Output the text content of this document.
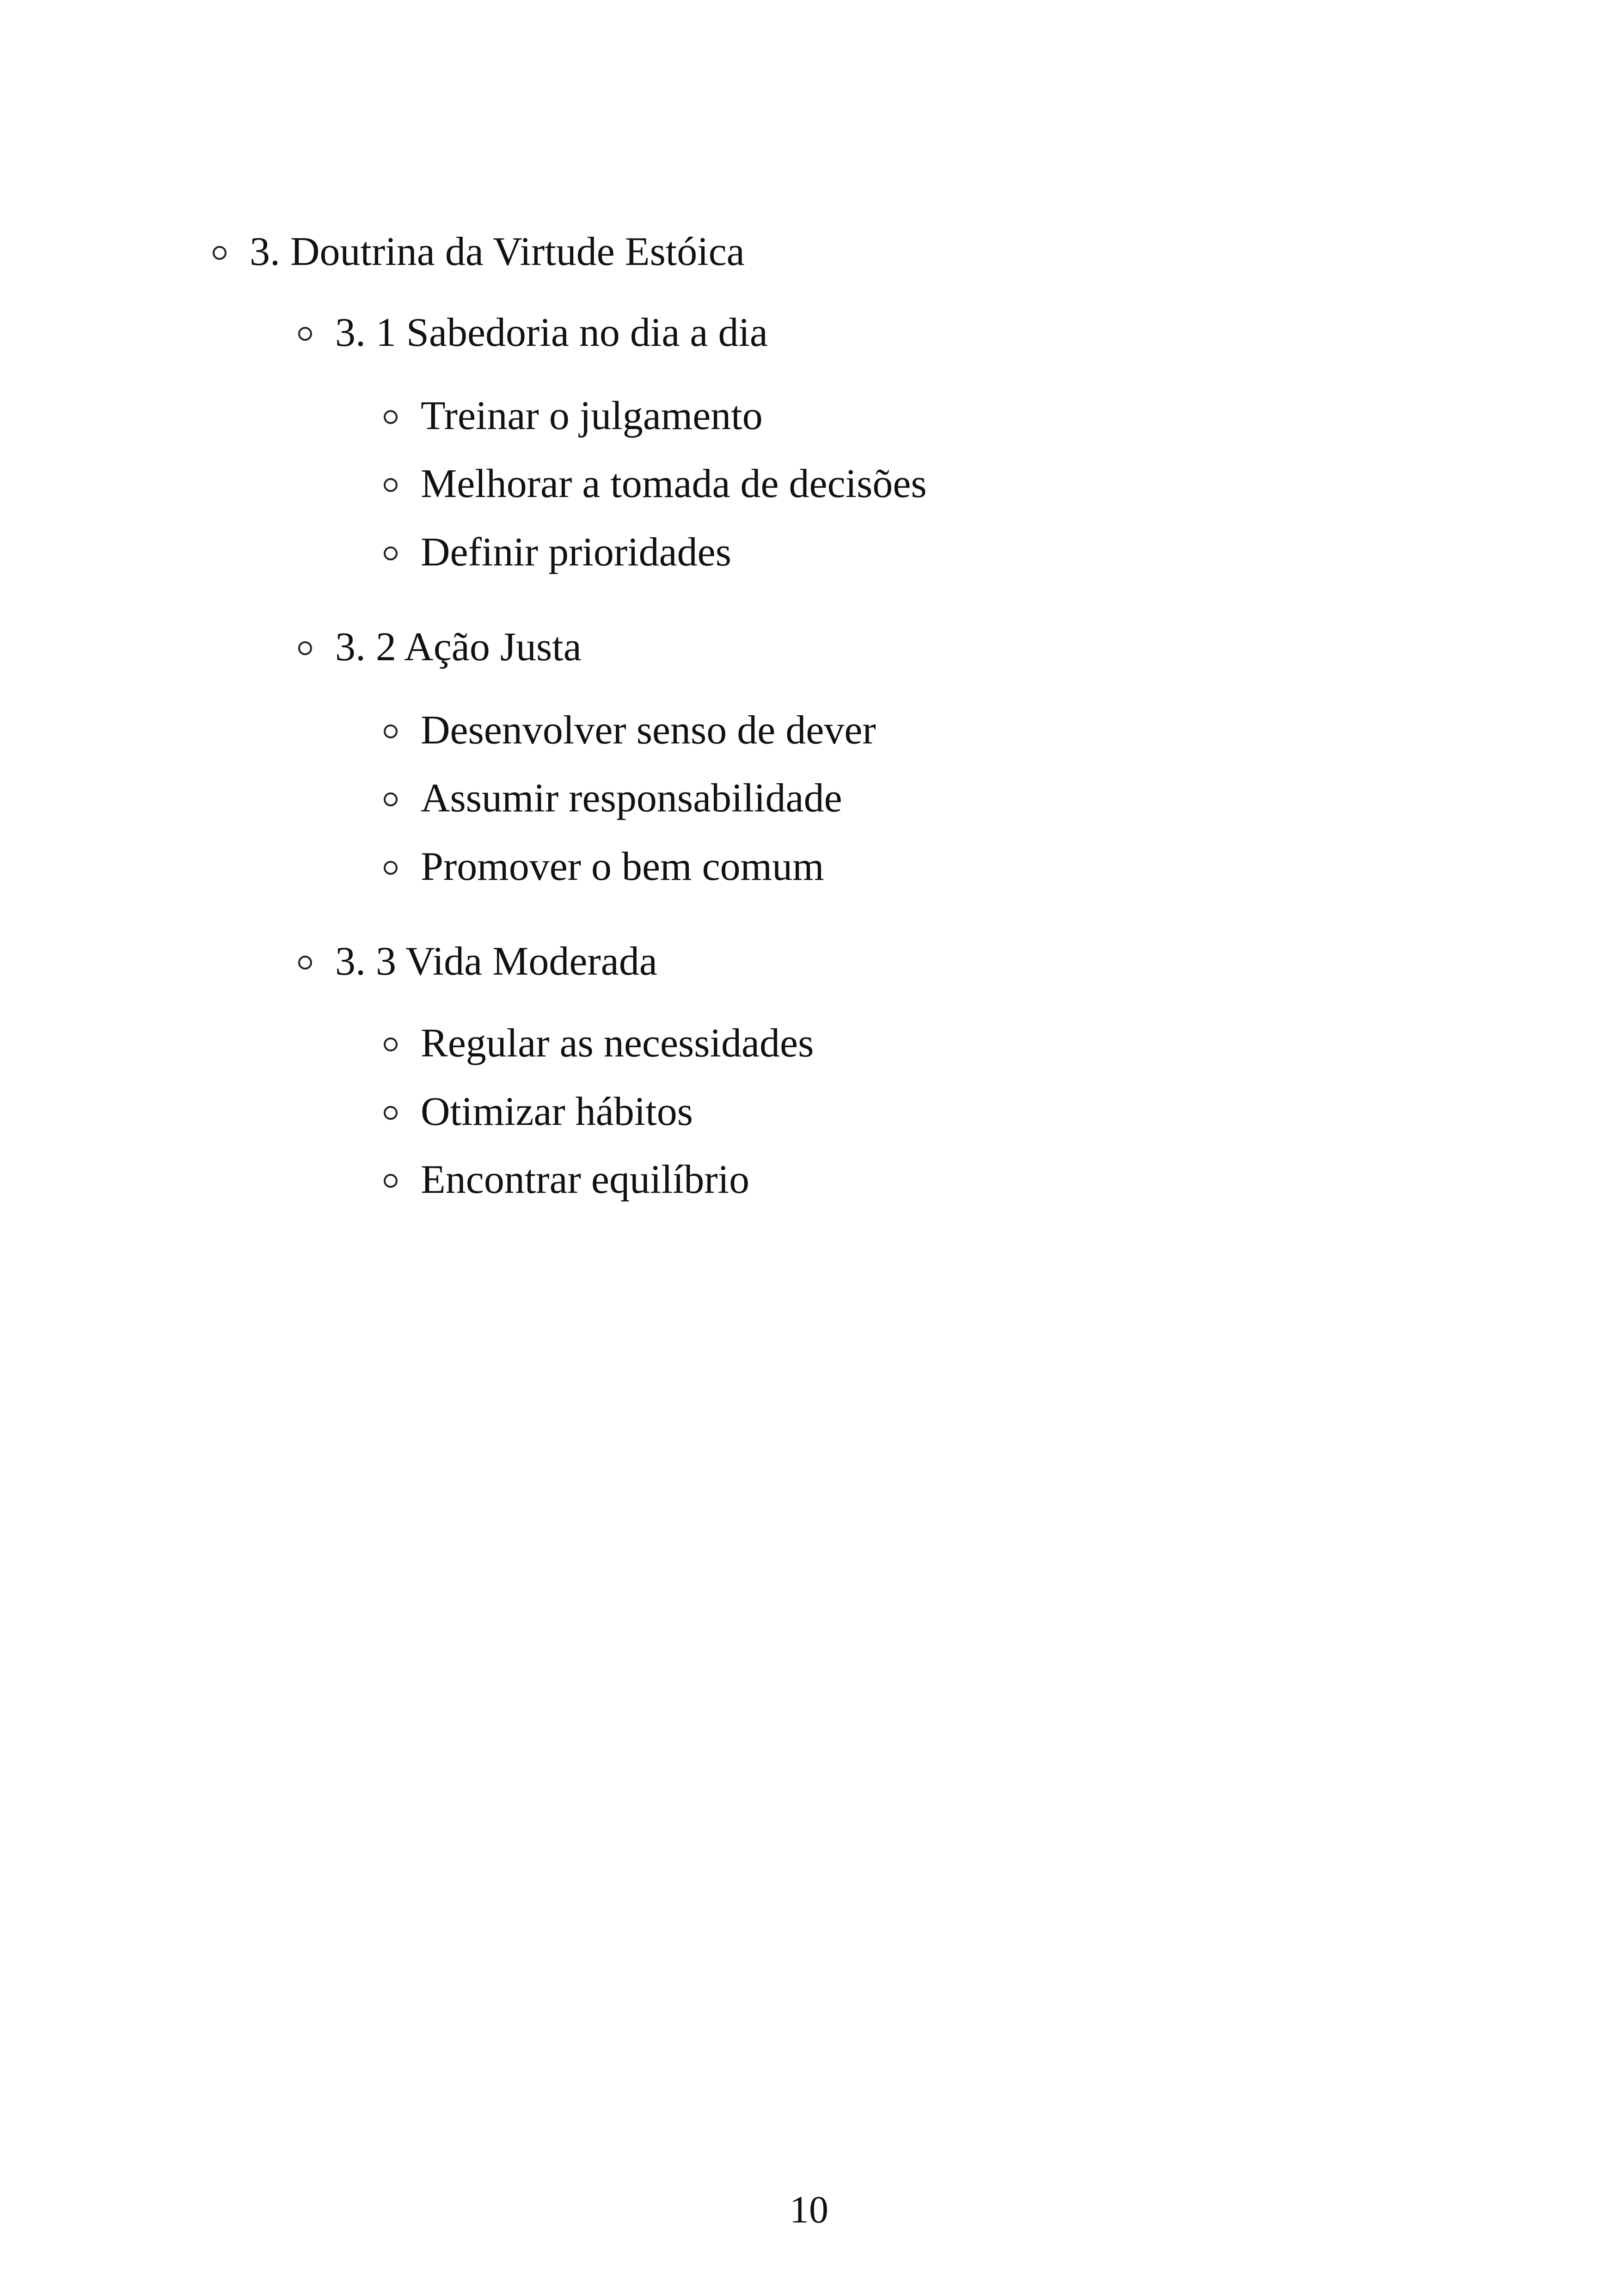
3. Doutrina da Virtude Estóica
3. 1 Sabedoria no dia a dia
Treinar o julgamento
Melhorar a tomada de decisões
Definir prioridades
3. 2 Ação Justa
Desenvolver senso de dever
Assumir responsabilidade
Promover o bem comum
3. 3 Vida Moderada
Regular as necessidades
Otimizar hábitos
Encontrar equilíbrio
10
